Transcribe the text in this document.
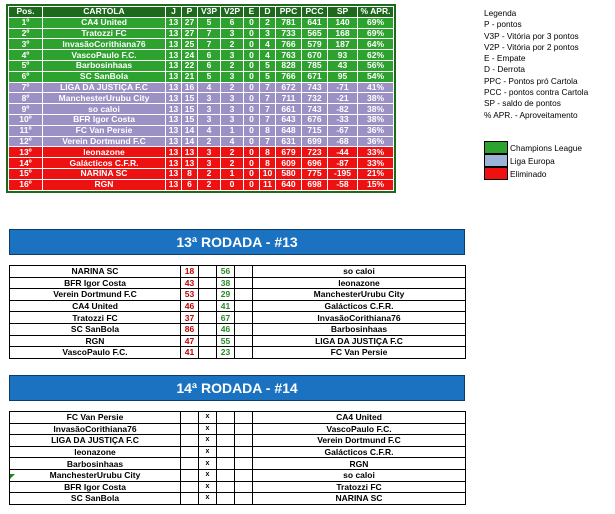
Pos.	CARTOLA	J	P	V3P	V2P	E	D	PPC	PCC	SP	% APR.
1º	CA4 United	13	27	5	6	0	2	781	641	140	69%
2º	Tratozzi FC	13	27	7	3	0	3	733	565	168	69%
3º	InvasãoCorithiana76	13	25	7	2	0	4	766	579	187	64%
4º	VascoPaulo F.C.	13	24	6	3	0	4	763	670	93	62%
5º	Barbosinhaas	13	22	6	2	0	5	828	785	43	56%
6º	SC SanBola	13	21	5	3	0	5	766	671	95	54%
7º	LIGA DA JUSTIÇA F.C	13	16	4	2	0	7	672	743	-71	41%
8º	ManchesterUrubu City	13	15	3	3	0	7	711	732	-21	38%
9º	so caloi	13	15	3	3	0	7	661	743	-82	38%
10º	BFR Igor Costa	13	15	3	3	0	7	643	676	-33	38%
11º	FC Van Persie	13	14	4	1	0	8	648	715	-67	36%
12º	Verein Dortmund F.C	13	14	2	4	0	7	631	699	-68	36%
13º	leonazone	13	13	3	2	0	8	679	723	-44	33%
14º	Galácticos C.F.R.	13	13	3	2	0	8	609	696	-87	33%
15º	NARINA SC	13	8	2	1	0	10	580	775	-195	21%
16º	RGN	13	6	2	0	0	11	640	698	-58	15%
Legenda
P - pontos
V3P - Vitória por 3 pontos
V2P - Vitória por 2 pontos
E - Empate
D - Derrota
PPC - Pontos pró Cartola
PCC - pontos contra Cartola
SP - saldo de pontos
% APR. - Aproveitamento
Champions League
Liga Europa
Eliminado
13ª RODADA - #13
NARINA SC	18		56		so caloi
BFR Igor Costa	43		38		leonazone
Verein Dortmund F.C	53		29		ManchesterUrubu City
CA4 United	46		41		Galácticos C.F.R.
Tratozzi FC	37		67		InvasãoCorithiana76
SC SanBola	86		46		Barbosinhaas
RGN	47		55		LIGA DA JUSTIÇA F.C
VascoPaulo F.C.	41		23		FC Van Persie
14ª RODADA - #14
FC Van Persie		x			CA4 United
InvasãoCorithiana76		x			VascoPaulo F.C.
LIGA DA JUSTIÇA F.C		x			Verein Dortmund F.C
leonazone		x			Galácticos C.F.R.
Barbosinhaas		x			RGN
ManchesterUrubu City		x			so caloi
BFR Igor Costa		x			Tratozzi FC
SC SanBola		x			NARINA SC
